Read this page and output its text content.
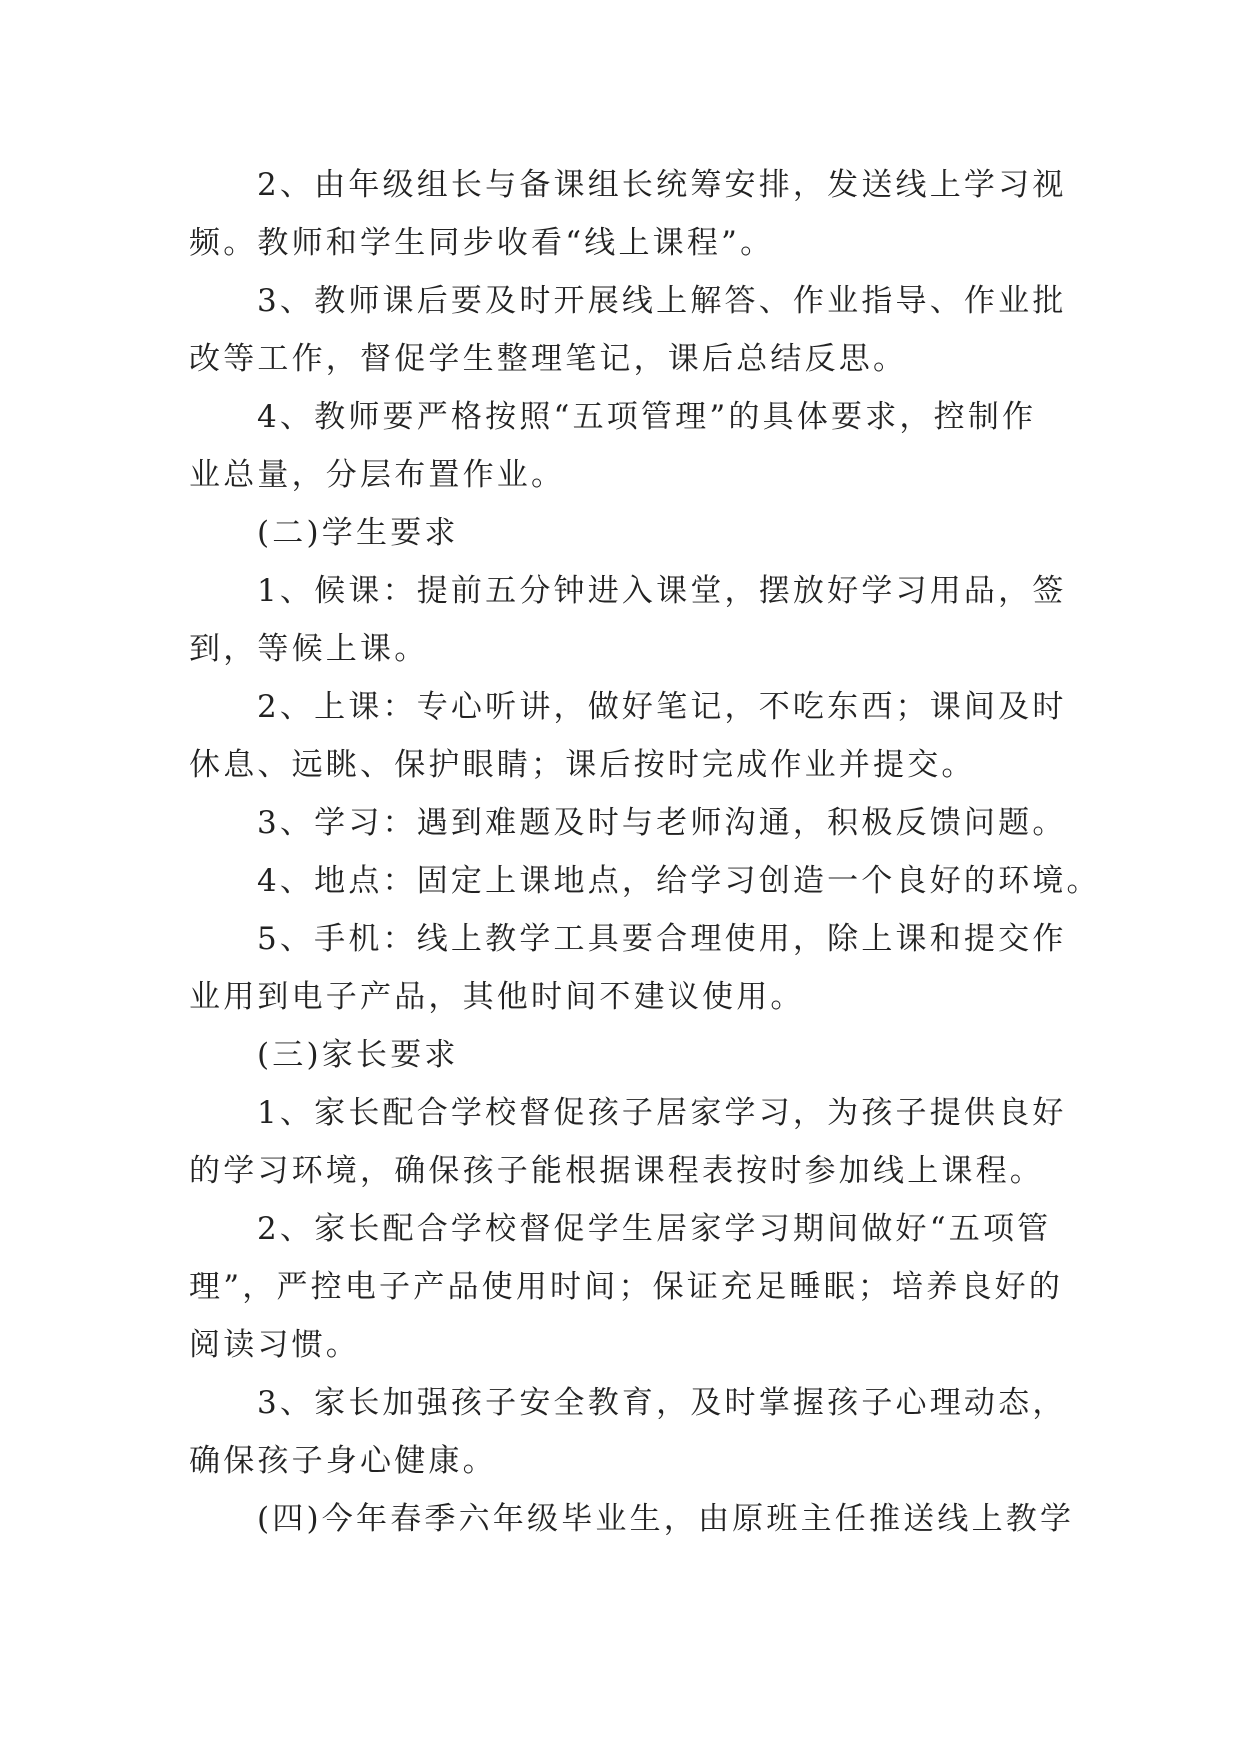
2、由年级组长与备课组长统筹安排，发送线上学习视
频。教师和学生同步收看“线上课程”。
3、教师课后要及时开展线上解答、作业指导、作业批
改等工作，督促学生整理笔记，课后总结反思。
4、教师要严格按照“五项管理”的具体要求，控制作
业总量，分层布置作业。
(二)学生要求
1、候课：提前五分钟进入课堂，摆放好学习用品，签
到，等候上课。
2、上课：专心听讲，做好笔记，不吃东西；课间及时
休息、远眺、保护眼睛；课后按时完成作业并提交。
3、学习：遇到难题及时与老师沟通，积极反馈问题。
4、地点：固定上课地点，给学习创造一个良好的环境。
5、手机：线上教学工具要合理使用，除上课和提交作
业用到电子产品，其他时间不建议使用。
(三)家长要求
1、家长配合学校督促孩子居家学习，为孩子提供良好
的学习环境，确保孩子能根据课程表按时参加线上课程。
2、家长配合学校督促学生居家学习期间做好“五项管
理”，严控电子产品使用时间；保证充足睡眠；培养良好的
阅读习惯。
3、家长加强孩子安全教育，及时掌握孩子心理动态，
确保孩子身心健康。
(四)今年春季六年级毕业生，由原班主任推送线上教学
